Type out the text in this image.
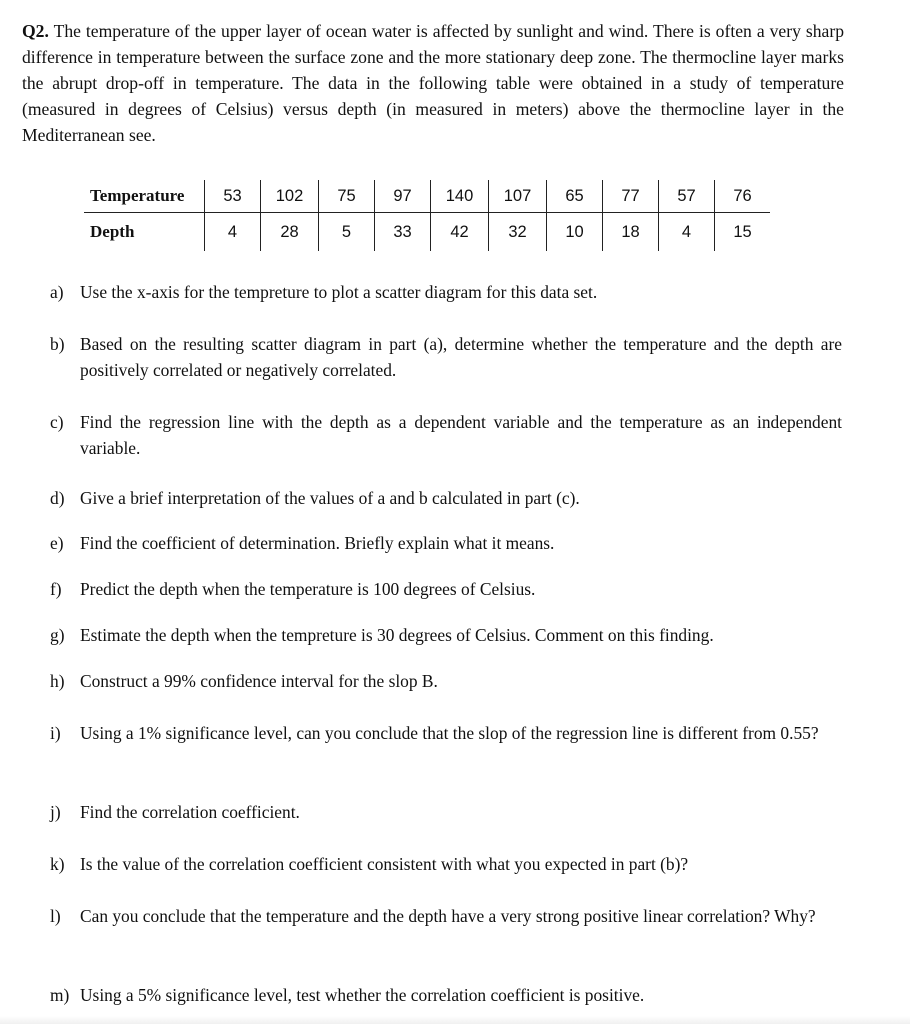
Q2. The temperature of the upper layer of ocean water is affected by sunlight and wind. There is often a very sharp difference in temperature between the surface zone and the more stationary deep zone. The thermocline layer marks the abrupt drop-off in temperature. The data in the following table were obtained in a study of temperature (measured in degrees of Celsius) versus depth (in measured in meters) above the thermocline layer in the Mediterranean see.
Temperature	53	102	75	97	140	107	65	77	57	76
Depth	4	28	5	33	42	32	10	18	4	15
a) Use the x-axis for the tempreture to plot a scatter diagram for this data set.
b) Based on the resulting scatter diagram in part (a), determine whether the temperature and the depth are positively correlated or negatively correlated.
c) Find the regression line with the depth as a dependent variable and the temperature as an independent variable.
d) Give a brief interpretation of the values of a and b calculated in part (c).
e) Find the coefficient of determination. Briefly explain what it means.
f)	Predict the depth when the temperature is 100 degrees of Celsius.
g) Estimate the depth when the tempreture is 30 degrees of Celsius. Comment on this finding.
h) Construct a 99% confidence interval for the slop B.
i)	Using a 1% significance level, can you conclude that the slop of the regression line is different from 0.55?
j)	Find the correlation coefficient.
k) Is the value of the correlation coefficient consistent with what you expected in part (b)?
l)	Can you conclude that the temperature and the depth have a very strong positive linear correlation? Why?
m) Using a 5% significance level, test whether the correlation coefficient is positive.
